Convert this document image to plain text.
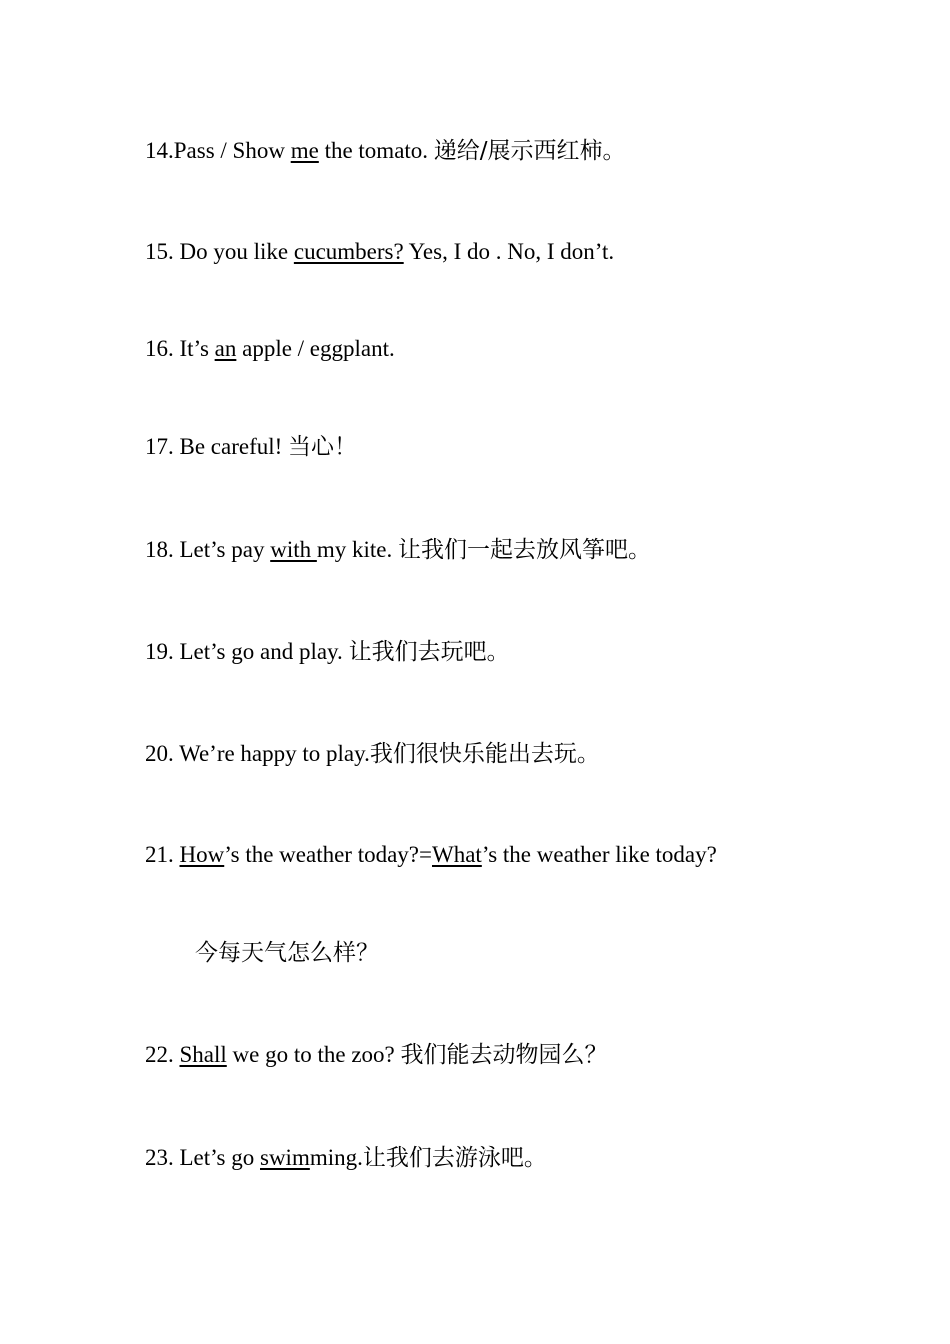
14.Pass / Show me the tomato. 递给/展示西红柿。
15. Do you like cucumbers? Yes, I do . No, I don’t.
16. It’s an apple / eggplant.
17. Be careful! 当心！
18. Let’s pay with my kite. 让我们一起去放风筝吧。
19. Let’s go and play. 让我们去玩吧。
20. We’re happy to play.我们很快乐能出去玩。
21. How’s the weather today?=What’s the weather like today?
今每天气怎么样？
22. Shall we go to the zoo? 我们能去动物园么？
23. Let’s go swimming.让我们去游泳吧。
